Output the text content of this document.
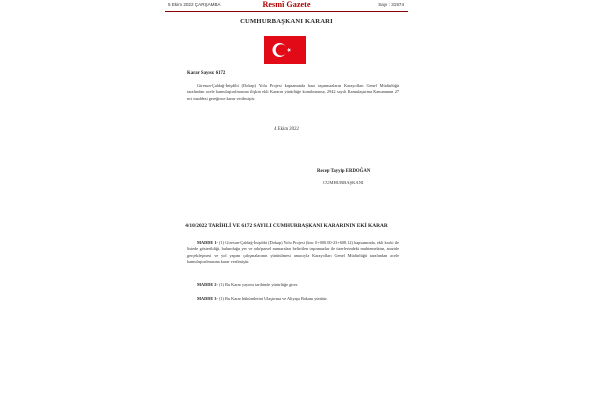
5 Ekim 2022 ÇARŞAMBA	Resmî Gazete	Sayı : 31974
CUMHURBAŞKANI KARARI
Karar Sayısı: 6172
Giresun-Çaldağ-İnişdibi (Dokap) Yolu Projesi kapsamında bazı taşınmazların Karayolları Genel Müdürlüğü tarafından acele kamulaştırılmasına ilişkin ekli Kararın yürürlüğe konulmasına, 2942 sayılı Kamulaştırma Kanununun 27 nci maddesi gereğince karar verilmiştir.
4 Ekim 2022
Recep Tayyip ERDOĞAN
CUMHURBAŞKANI
4/10/2022 TARİHLİ VE 6172 SAYILI CUMHURBAŞKANI KARARININ EKİ KARAR
MADDE 1- (1) Giresun-Çaldağ-İnişdibi (Dokap) Yolu Projesi (km: 0+000.00-23+608.12) kapsamında, ekli kroki ile listede gösterildiği, bulunduğu yer ve ada/parsel numaraları belirtilen taşınmazlar ile üzerlerindeki muhtemelatın, arazide gerçekleşmesi ve yol yapım çalışmalarının yürütülmesi amacıyla Karayolları Genel Müdürlüğü tarafından acele kamulaştırılmasına karar verilmiştir.
MADDE 2- (1) Bu Karar yayımı tarihinde yürürlüğe girer.
MADDE 3- (1) Bu Karar hükümlerini Ulaştırma ve Altyapı Bakanı yürütür.
